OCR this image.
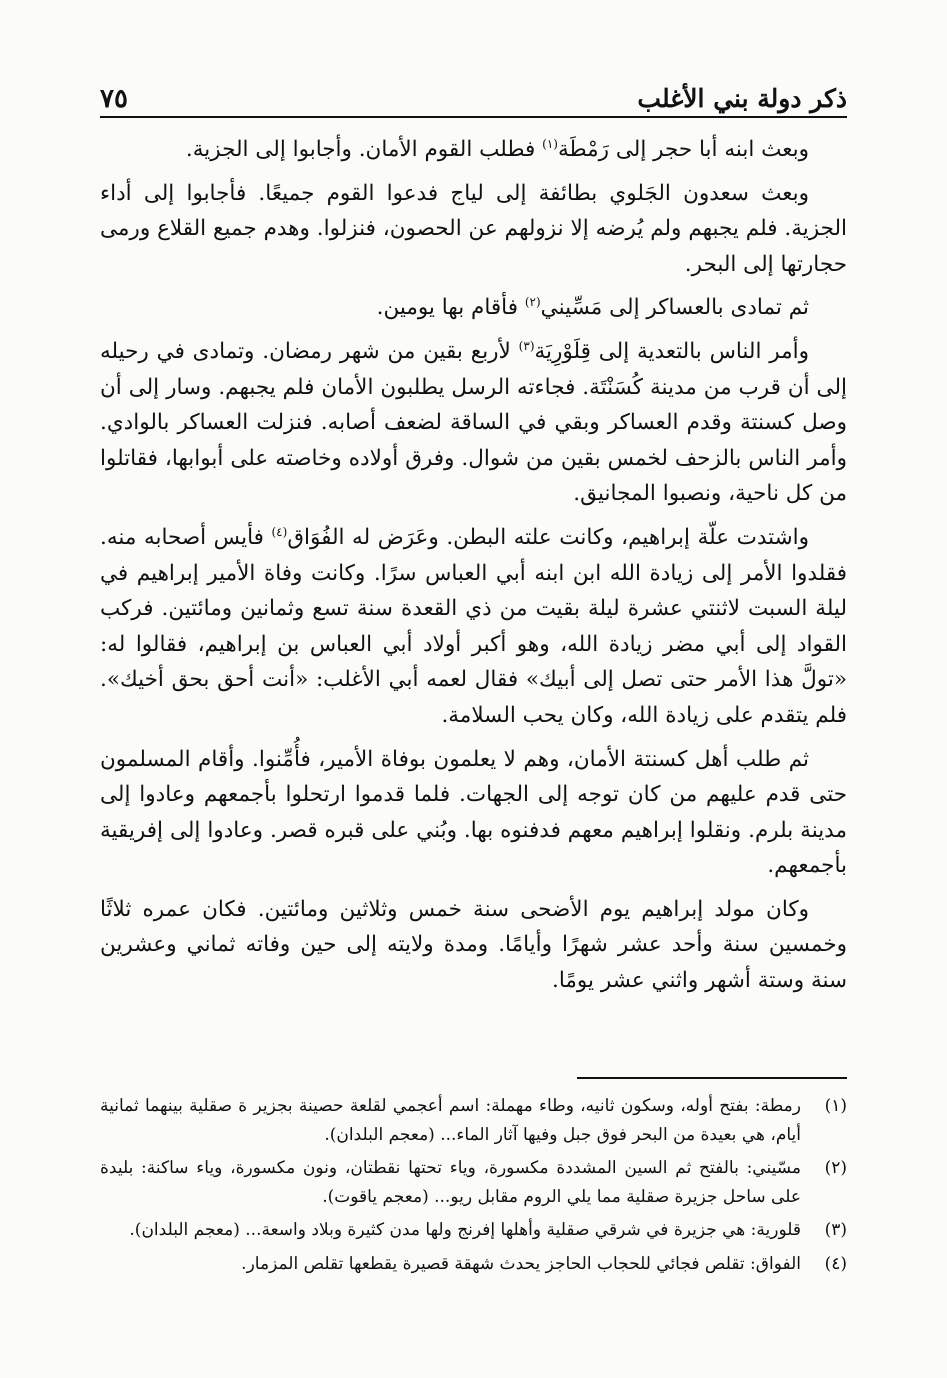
ذكر دولة بني الأغلب
٧٥

وبعث ابنه أبا حجر إلى رَمْطَة$^{(١)}$ فطلب القوم الأمان. وأجابوا إلى الجزية.

وبعث سعدون الجَلوي بطائفة إلى لياج فدعوا القوم جميعًا. فأجابوا إلى أداء الجزية. فلم يجبهم ولم يُرضه إلا نزولهم عن الحصون، فنزلوا. وهدم جميع القلاع ورمى حجارتها إلى البحر.

ثم تمادى بالعساكر إلى مَسِّيني$^{(٢)}$ فأقام بها يومين.

وأمر الناس بالتعدية إلى قِلَوْرِيَة$^{(٣)}$ لأربع بقين من شهر رمضان. وتمادى في رحيله إلى أن قرب من مدينة كُسَنْتَة. فجاءته الرسل يطلبون الأمان فلم يجبهم. وسار إلى أن وصل كسنتة وقدم العساكر وبقي في الساقة لضعف أصابه. فنزلت العساكر بالوادي. وأمر الناس بالزحف لخمس بقين من شوال. وفرق أولاده وخاصته على أبوابها، فقاتلوا من كل ناحية، ونصبوا المجانيق.

واشتدت علّة إبراهيم، وكانت علته البطن. وعَرَض له الفُوَاق$^{(٤)}$ فأيس أصحابه منه. فقلدوا الأمر إلى زيادة الله ابن ابنه أبي العباس سرًا. وكانت وفاة الأمير إبراهيم في ليلة السبت لاثنتي عشرة ليلة بقيت من ذي القعدة سنة تسع وثمانين ومائتين. فركب القواد إلى أبي مضر زيادة الله، وهو أكبر أولاد أبي العباس بن إبراهيم، فقالوا له: «تولَّ هذا الأمر حتى تصل إلى أبيك» فقال لعمه أبي الأغلب: «أنت أحق بحق أخيك». فلم يتقدم على زيادة الله، وكان يحب السلامة.

ثم طلب أهل كسنتة الأمان، وهم لا يعلمون بوفاة الأمير، فأُمِّنوا. وأقام المسلمون حتى قدم عليهم من كان توجه إلى الجهات. فلما قدموا ارتحلوا بأجمعهم وعادوا إلى مدينة بلرم. ونقلوا إبراهيم معهم فدفنوه بها. وبُني على قبره قصر. وعادوا إلى إفريقية بأجمعهم.

وكان مولد إبراهيم يوم الأضحى سنة خمس وثلاثين ومائتين. فكان عمره ثلاثًا وخمسين سنة وأحد عشر شهرًا وأيامًا. ومدة ولايته إلى حين وفاته ثماني وعشرين سنة وستة أشهر واثني عشر يومًا.

(١)
رمطة: بفتح أوله، وسكون ثانيه، وطاء مهملة: اسم أعجمي لقلعة حصينة بجزير ة صقلية بينهما ثمانية أيام، هي بعيدة من البحر فوق جبل وفيها آثار الماء... (معجم البلدان).
(٢)
مسّيني: بالفتح ثم السين المشددة مكسورة، وياء تحتها نقطتان، ونون مكسورة، وياء ساكنة: بليدة على ساحل جزيرة صقلية مما يلي الروم مقابل ريو... (معجم ياقوت).
(٣)
قلورية: هي جزيرة في شرقي صقلية وأهلها إفرنج ولها مدن كثيرة وبلاد واسعة... (معجم البلدان).
(٤)
الفواق: تقلص فجائي للحجاب الحاجز يحدث شهقة قصيرة يقطعها تقلص المزمار.
